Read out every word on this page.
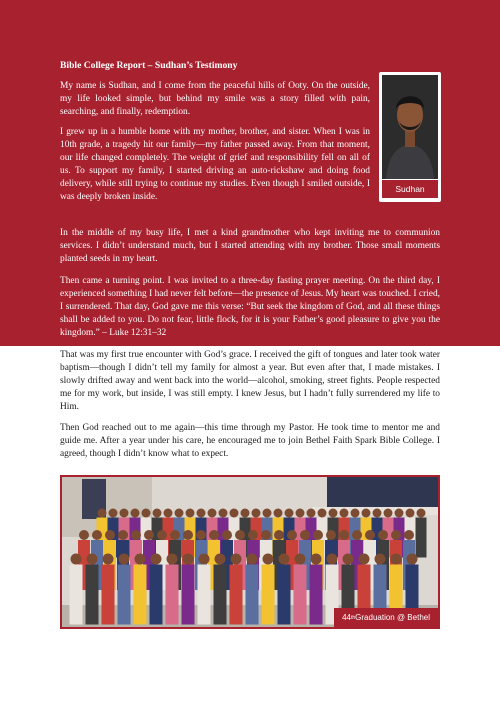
Bible College Report – Sudhan’s Testimony

My name is Sudhan, and I come from the peaceful hills of Ooty. On the outside, my life looked simple, but behind my smile was a story filled with pain, searching, and finally, redemption.

I grew up in a humble home with my mother, brother, and sister. When I was in 10th grade, a tragedy hit our family—my father passed away. From that moment, our life changed completely. The weight of grief and responsibility fell on all of us. To support my family, I started driving an auto-rickshaw and doing food delivery, while still trying to continue my studies. Even though I smiled outside, I was deeply broken inside.

In the middle of my busy life, I met a kind grandmother who kept inviting me to communion services. I didn’t understand much, but I started attending with my brother. Those small moments planted seeds in my heart.

Then came a turning point. I was invited to a three-day fasting prayer meeting. On the third day, I experienced something I had never felt before—the presence of Jesus. My heart was touched. I cried, I surrendered. That day, God gave me this verse: “But seek the kingdom of God, and all these things shall be added to you. Do not fear, little flock, for it is your Father’s good pleasure to give you the kingdom.” – Luke 12:31–32

That was my first true encounter with God’s grace. I received the gift of tongues and later took water baptism—though I didn’t tell my family for almost a year. But even after that, I made mistakes. I slowly drifted away and went back into the world—alcohol, smoking, street fights. People respected me for my work, but inside, I was still empty. I knew Jesus, but I hadn’t fully surrendered my life to Him.

Then God reached out to me again—this time through my Pastor. He took time to mentor me and guide me. After a year under his care, he encouraged me to join Bethel Faith Spark Bible College. I agreed, though I didn’t know what to expect.

Sudhan
44 th Graduation @ Bethel
